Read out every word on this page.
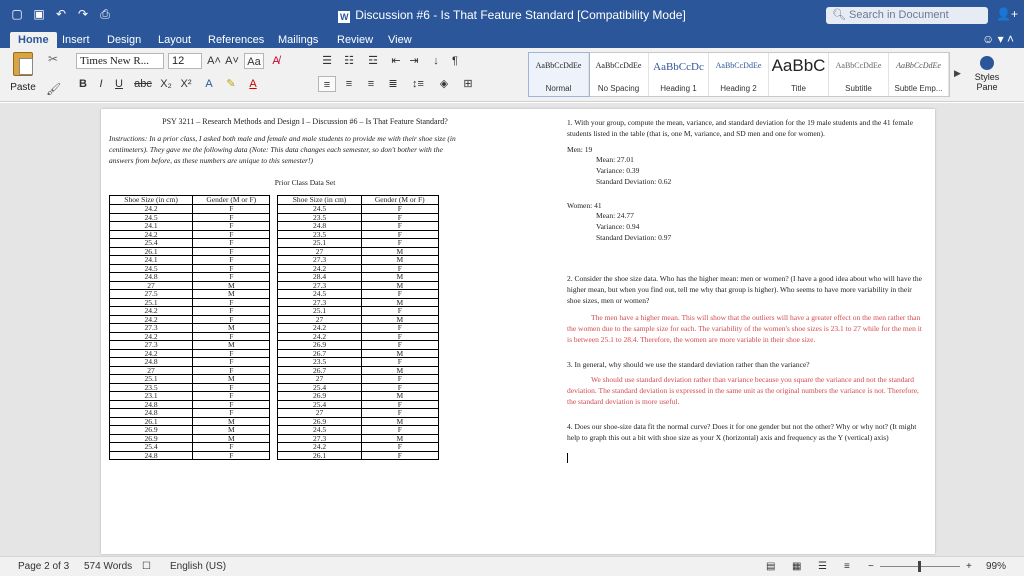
▢ ▣ ↶ ↷ ⎙	W Discussion #6 - Is That Feature Standard [Compatibility Mode]	🔍︎ Search in Document	👤+
Home	Insert Design Layout References Mailings Review View	☺ ▾ ˄
Paste
✂
🖌︎
Times New R...	12	A˄ A˅ Aa	A̸
B	I	U abc X₂ X²	A	✎	A
☰	☷	☲	⇤ ⇥	↓	¶
≡	≡	≡	≣	↕≡	◈	⊞
AaBbCcDdEe
Normal
AaBbCcDdEe
No Spacing
AaBbCcDc
Heading 1
AaBbCcDdEe
Heading 2
AaBbC
Title
AaBbCcDdEe
Subtitle
AaBbCcDdEe
Subtle Emp...
▶	Styles Pane
PSY 3211 – Research Methods and Design I – Discussion #6 – Is That Feature Standard?
Instructions: In a prior class, I asked both male and female and male students to provide me with their shoe size (in centimeters). They gave me the following data (Note: This data changes each semester, so don't bother with the answers from before, as these numbers are unique to this semester!)
Prior Class Data Set
Shoe Size (in cm)	Gender (M or F)		Shoe Size (in cm)	Gender (M or F)
24.2	F		24.5	F
24.5	F		23.5	F
24.1	F		24.8	F
24.2	F		23.5	F
25.4	F		25.1	F
26.1	F		27	M
24.1	F		27.3	M
24.5	F		24.2	F
24.8	F		28.4	M
27	M		27.3	M
27.5	M		24.5	F
25.1	F		27.3	M
24.2	F		25.1	F
24.2	F		27	M
27.3	M		24.2	F
24.2	F		24.2	F
27.3	M		26.9	F
24.2	F		26.7	M
24.8	F		23.5	F
27	F		26.7	M
25.1	M		27	F
23.5	F		25.4	F
23.1	F		26.9	M
24.8	F		25.4	F
24.8	F		27	F
26.1	M		26.9	M
26.9	M		24.5	F
26.9	M		27.3	M
25.4	F		24.2	F
24.8	F		26.1	F
1. With your group, compute the mean, variance, and standard deviation for the 19 male students and the 41 female students listed in the table (that is, one M, variance, and SD men and one for women).
Men: 19
Mean: 27.01
Variance: 0.39
Standard Deviation: 0.62
Women: 41
Mean: 24.77
Variance: 0.94
Standard Deviation: 0.97
2. Consider the shoe size data. Who has the higher mean: men or women? (I have a good idea about who will have the higher mean, but when you find out, tell me why that group is higher). Who seems to have more variability in their shoe sizes, men or women?
The men have a higher mean. This will show that the outliers will have a greater effect on the men rather than the women due to the sample size for each. The variability of the women's shoe sizes is 23.1 to 27 while for the men it is between 25.1 to 28.4. Therefore, the women are more variable in their shoe size.
3. In general, why should we use the standard deviation rather than the variance?
We should use standard deviation rather than variance because you square the variance and not the standard deviation. The standard deviation is expressed in the same unit as the original numbers the variance is not. Therefore, the standard deviation is more useful.
4. Does our shoe-size data fit the normal curve? Does it for one gender but not the other? Why or why not? (It might help to graph this out a bit with shoe size as your X (horizontal) axis and frequency as the Y (vertical) axis)
Page 2 of 3 574 Words ☐ English (US)	▤ ▦ ☰ ≡ −	+ 99%
